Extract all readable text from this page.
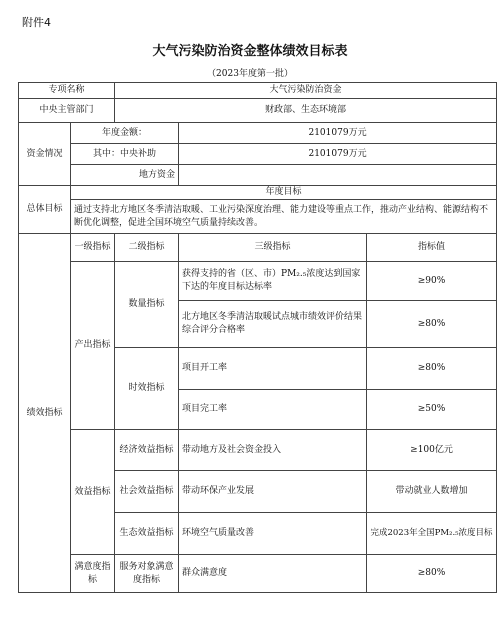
附件4
大气污染防治资金整体绩效目标表
（2023年度第一批）
专项名称		大气污染防治资金		
中央主管部门		财政部、生态环境部		
资金情况	年度金额：		2101079万元	
	其中：中央补助		2101079万元	
	地方资金			
总体目标	年度目标			
	通过支持北方地区冬季清洁取暖、工业污染深度治理、能力建设等重点工作，推动产业结构、能源结构不断优化调整，促进全国环境空气质量持续改善。			
绩效指标	一级指标	二级指标	三级指标	指标值
	产出指标	数量指标	获得支持的省（区、市）PM₂.₅浓度达到国家下达的年度目标达标率	≥90%
			北方地区冬季清洁取暖试点城市绩效评价结果综合评分合格率	≥80%
		时效指标	项目开工率	≥80%
			项目完工率	≥50%
	效益指标	经济效益指标	带动地方及社会资金投入	≥100亿元
		社会效益指标	带动环保产业发展	带动就业人数增加
		生态效益指标	环境空气质量改善	完成2023年全国PM₂.₅浓度目标
	满意度指标	服务对象满意度指标	群众满意度	≥80%
